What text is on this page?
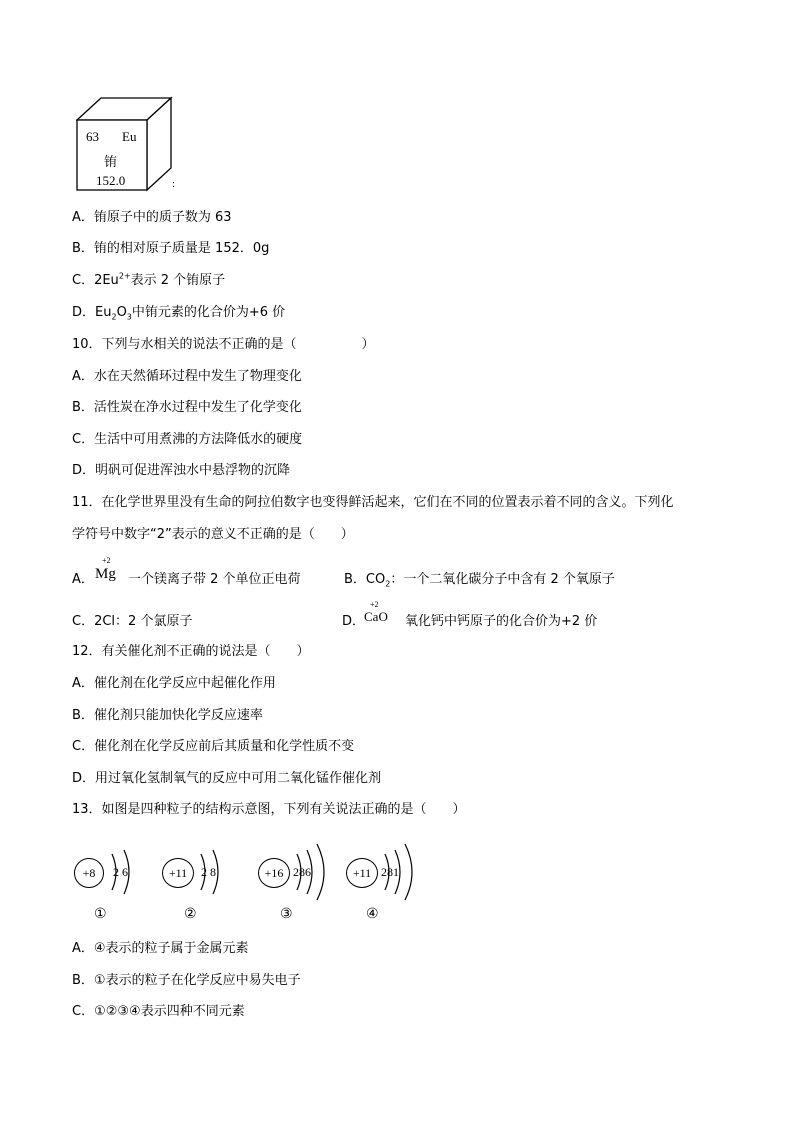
63 Eu
铕
152.0	:
A．铕原子中的质子数为 63
B．铕的相对原子质量是 152．0g
C．$2Eu^{2+}$表示 2 个铕原子
D．$Eu_2O_3$中铕元素的化合价为+6 价
10．下列与水相关的说法不正确的是（　　　　　）
A．水在天然循环过程中发生了物理变化
B．活性炭在净水过程中发生了化学变化
C．生活中可用煮沸的方法降低水的硬度
D．明矾可促进浑浊水中悬浮物的沉降
11．在化学世界里没有生命的阿拉伯数字也变得鲜活起来，它们在不同的位置表示着不同的含义。下列化
学符号中数字“2”表示的意义不正确的是（　　）
A．
+2
Mg 一个镁离子带 2 个单位正电荷	B．$CO_2$：一个二氧化碳分子中含有 2 个氧原子
C．2Cl：2 个氯原子	D．
+2
CaO 氧化钙中钙原子的化合价为+2 价
12．有关催化剂不正确的说法是（　　）
A．催化剂在化学反应中起催化作用
B．催化剂只能加快化学反应速率
C．催化剂在化学反应前后其质量和化学性质不变
D．用过氧化氢制氧气的反应中可用二氧化锰作催化剂
13．如图是四种粒子的结构示意图，下列有关说法正确的是（　　）
+8	2 6
①
+11	2 8
②
+16 286
③
+11 281
④
A．④表示的粒子属于金属元素
B．①表示的粒子在化学反应中易失电子
C．①②③④表示四种不同元素
